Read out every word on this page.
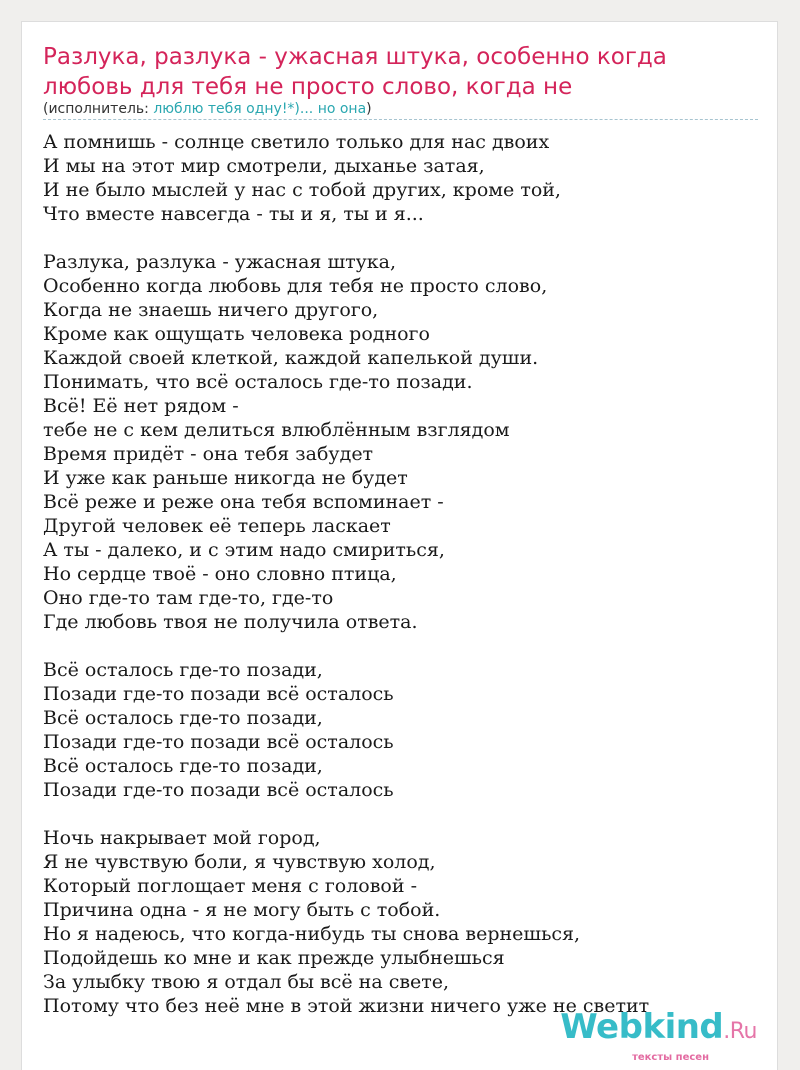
Разлука, разлука - ужасная штука, особенно когда любовь для тебя не просто слово, когда не
(исполнитель: люблю тебя одну!*)... но она)
А помнишь - солнце светило только для нас двоих
И мы на этот мир смотрели, дыханье затая,
И не было мыслей у нас с тобой других, кроме той,
Что вместе навсегда - ты и я, ты и я...
Разлука, разлука - ужасная штука,
Особенно когда любовь для тебя не просто слово,
Когда не знаешь ничего другого,
Кроме как ощущать человека родного
Каждой своей клеткой, каждой капелькой души.
Понимать, что всё осталось где-то позади.
Всё! Её нет рядом -
тебе не с кем делиться влюблённым взглядом
Время придёт - она тебя забудет
И уже как раньше никогда не будет
Всё реже и реже она тебя вспоминает -
Другой человек её теперь ласкает
А ты - далеко, и с этим надо смириться,
Но сердце твоё - оно словно птица,
Оно где-то там где-то, где-то
Где любовь твоя не получила ответа.
Всё осталось где-то позади,
Позади где-то позади всё осталось
Всё осталось где-то позади,
Позади где-то позади всё осталось
Всё осталось где-то позади,
Позади где-то позади всё осталось
Ночь накрывает мой город,
Я не чувствую боли, я чувствую холод,
Который поглощает меня с головой -
Причина одна - я не могу быть с тобой.
Но я надеюсь, что когда-нибудь ты снова вернешься,
Подойдешь ко мне и как прежде улыбнешься
За улыбку твою я отдал бы всё на свете,
Потому что без неё мне в этой жизни ничего уже не светит
Webkind.Ru
тексты песен
